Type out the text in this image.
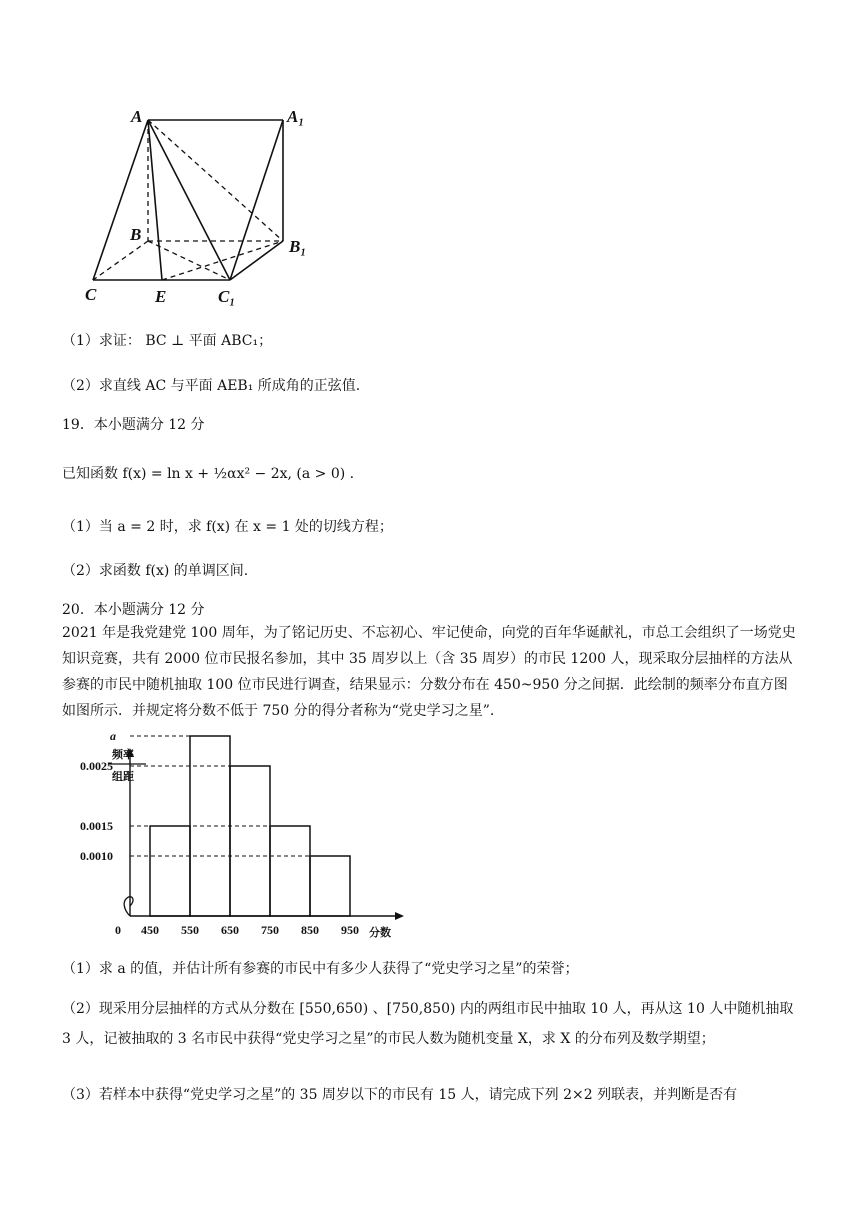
A	A₁
B
B₁
C	E	C₁
（1）求证： BC ⊥ 平面 ABC₁；
（2）求直线 AC 与平面 AEB₁ 所成角的正弦值.
19．本小题满分 12 分
已知函数 f(x) = ln x + ½αx² − 2x, (a > 0) .
（1）当 a = 2 时，求 f(x) 在 x = 1 处的切线方程；
（2）求函数 f(x) 的单调区间.
20．本小题满分 12 分
2021 年是我党建党 100 周年，为了铭记历史、不忘初心、牢记使命，向党的百年华诞献礼，市总工会组织了一场党史知识竞赛，共有 2000 位市民报名参加，其中 35 周岁以上（含 35 周岁）的市民 1200 人，现采取分层抽样的方法从参赛的市民中随机抽取 100 位市民进行调查，结果显示：分数分布在 450~950 分之间据．此绘制的频率分布直方图如图所示．并规定将分数不低于 750 分的得分者称为“党史学习之星”.
频率
组距
0
a
0.0025
0.0015
0.0010
450 550 650 750 850 950 分数
（1）求 a 的值，并估计所有参赛的市民中有多少人获得了“党史学习之星”的荣誉；
（2）现采用分层抽样的方式从分数在 [550,650) 、[750,850) 内的两组市民中抽取 10 人，再从这 10 人中随机抽取 3 人，记被抽取的 3 名市民中获得“党史学习之星”的市民人数为随机变量 X，求 X 的分布列及数学期望；
（3）若样本中获得“党史学习之星”的 35 周岁以下的市民有 15 人，请完成下列 2×2 列联表，并判断是否有
